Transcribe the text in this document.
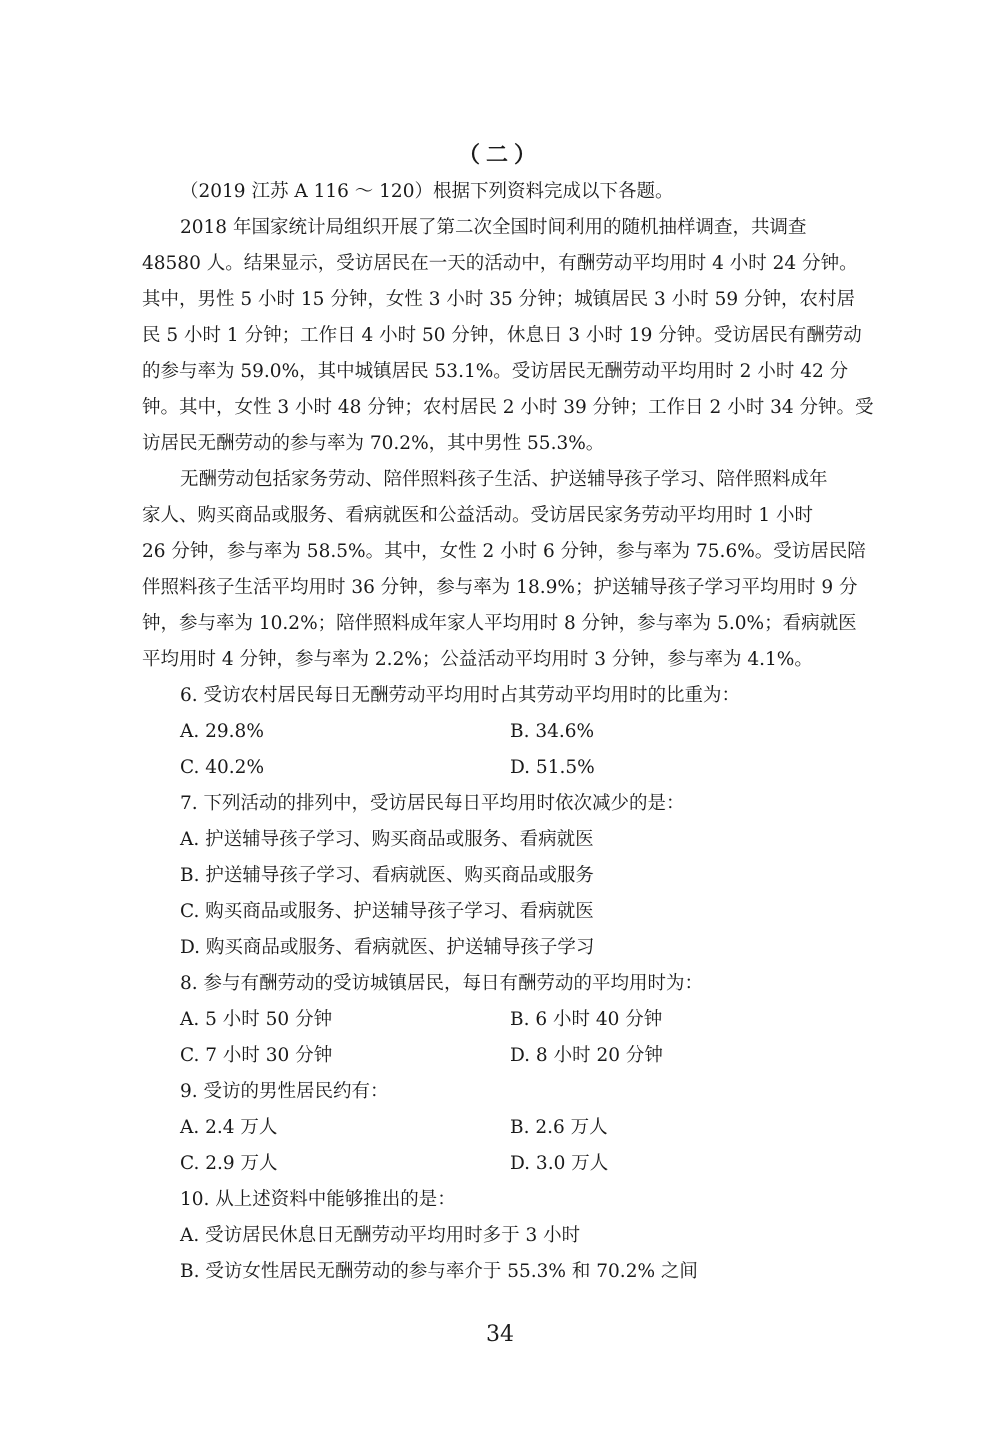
（二）
（2019 江苏 A 116 ～ 120）根据下列资料完成以下各题。
2018 年国家统计局组织开展了第二次全国时间利用的随机抽样调查，共调查
48580 人。结果显示，受访居民在一天的活动中，有酬劳动平均用时 4 小时 24 分钟。
其中，男性 5 小时 15 分钟，女性 3 小时 35 分钟；城镇居民 3 小时 59 分钟，农村居
民 5 小时 1 分钟；工作日 4 小时 50 分钟，休息日 3 小时 19 分钟。受访居民有酬劳动
的参与率为 59.0%，其中城镇居民 53.1%。受访居民无酬劳动平均用时 2 小时 42 分
钟。其中，女性 3 小时 48 分钟；农村居民 2 小时 39 分钟；工作日 2 小时 34 分钟。受
访居民无酬劳动的参与率为 70.2%，其中男性 55.3%。
无酬劳动包括家务劳动、陪伴照料孩子生活、护送辅导孩子学习、陪伴照料成年
家人、购买商品或服务、看病就医和公益活动。受访居民家务劳动平均用时 1 小时
26 分钟，参与率为 58.5%。其中，女性 2 小时 6 分钟，参与率为 75.6%。受访居民陪
伴照料孩子生活平均用时 36 分钟，参与率为 18.9%；护送辅导孩子学习平均用时 9 分
钟，参与率为 10.2%；陪伴照料成年家人平均用时 8 分钟，参与率为 5.0%；看病就医
平均用时 4 分钟，参与率为 2.2%；公益活动平均用时 3 分钟，参与率为 4.1%。
6. 受访农村居民每日无酬劳动平均用时占其劳动平均用时的比重为：
A. 29.8%	B. 34.6%
C. 40.2%	D. 51.5%
7. 下列活动的排列中，受访居民每日平均用时依次减少的是：
A. 护送辅导孩子学习、购买商品或服务、看病就医
B. 护送辅导孩子学习、看病就医、购买商品或服务
C. 购买商品或服务、护送辅导孩子学习、看病就医
D. 购买商品或服务、看病就医、护送辅导孩子学习
8. 参与有酬劳动的受访城镇居民，每日有酬劳动的平均用时为：
A. 5 小时 50 分钟	B. 6 小时 40 分钟
C. 7 小时 30 分钟	D. 8 小时 20 分钟
9. 受访的男性居民约有：
A. 2.4 万人	B. 2.6 万人
C. 2.9 万人	D. 3.0 万人
10. 从上述资料中能够推出的是：
A. 受访居民休息日无酬劳动平均用时多于 3 小时
B. 受访女性居民无酬劳动的参与率介于 55.3% 和 70.2% 之间
34
